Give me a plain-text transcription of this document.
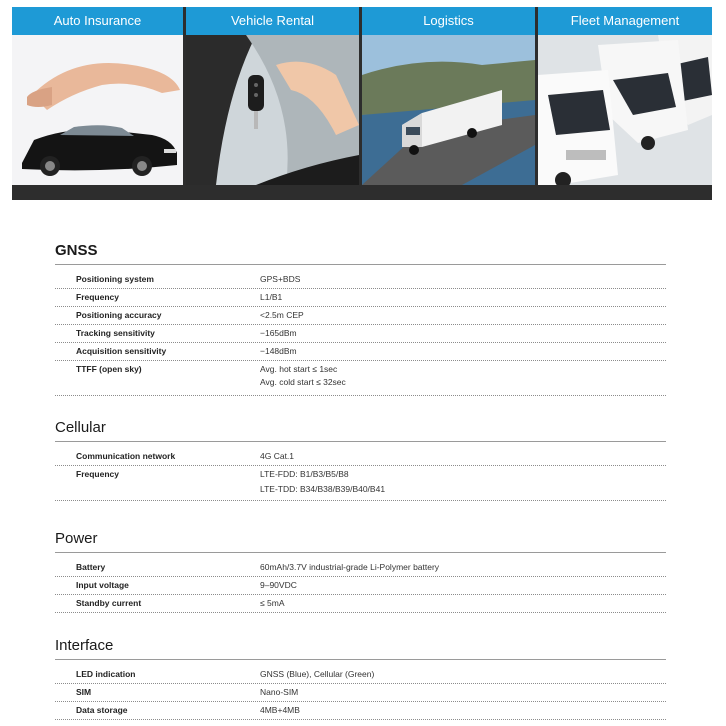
Auto Insurance	Vehicle Rental	Logistics	Fleet Management
GNSS
Positioning system	GPS+BDS
Frequency	L1/B1
Positioning accuracy	<2.5m CEP
Tracking sensitivity	−165dBm
Acquisition sensitivity	−148dBm
TTFF (open sky)	Avg. hot start ≤ 1sec
Avg. cold start ≤ 32sec
Cellular
Communication network	4G Cat.1
Frequency	LTE-FDD: B1/B3/B5/B8
LTE-TDD: B34/B38/B39/B40/B41
Power
Battery	60mAh/3.7V industrial-grade Li-Polymer battery
Input voltage	9–90VDC
Standby current	≤ 5mA
Interface
LED indication	GNSS (Blue), Cellular (Green)
SIM	Nano-SIM
Data storage	4MB+4MB
